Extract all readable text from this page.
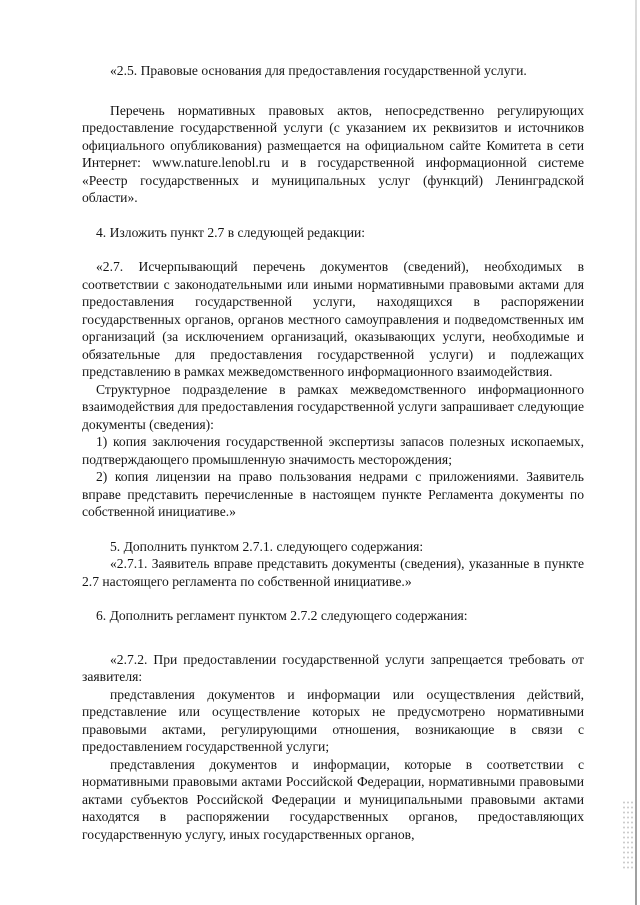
«2.5. Правовые основания для предоставления государственной услуги.

Перечень нормативных правовых актов, непосредственно регулирующих предоставление государственной услуги (с указанием их реквизитов и источников официального опубликования) размещается на официальном сайте Комитета в сети Интернет: www.nature.lenobl.ru и в государственной информационной системе «Реестр государственных и муниципальных услуг (функций) Ленинградской области».

4. Изложить пункт 2.7 в следующей редакции:

«2.7. Исчерпывающий перечень документов (сведений), необходимых в соответствии с законодательными или иными нормативными правовыми актами для предоставления государственной услуги, находящихся в распоряжении государственных органов, органов местного самоуправления и подведомственных им организаций (за исключением организаций, оказывающих услуги, необходимые и обязательные для предоставления государственной услуги) и подлежащих представлению в рамках межведомственного информационного взаимодействия.

Структурное подразделение в рамках межведомственного информационного взаимодействия для предоставления государственной услуги запрашивает следующие документы (сведения):

1) копия заключения государственной экспертизы запасов полезных ископаемых, подтверждающего промышленную значимость месторождения;

2) копия лицензии на право пользования недрами с приложениями. Заявитель вправе представить перечисленные в настоящем пункте Регламента документы по собственной инициативе.»

5. Дополнить пунктом 2.7.1. следующего содержания:

«2.7.1. Заявитель вправе представить документы (сведения), указанные в пункте 2.7 настоящего регламента по собственной инициативе.»

6. Дополнить регламент пунктом 2.7.2 следующего содержания:

«2.7.2. При предоставлении государственной услуги запрещается требовать от заявителя:

представления документов и информации или осуществления действий, представление или осуществление которых не предусмотрено нормативными правовыми актами, регулирующими отношения, возникающие в связи с предоставлением государственной услуги;

представления документов и информации, которые в соответствии с нормативными правовыми актами Российской Федерации, нормативными правовыми актами субъектов Российской Федерации и муниципальными правовыми актами находятся в распоряжении государственных органов, предоставляющих государственную услугу, иных государственных органов,
